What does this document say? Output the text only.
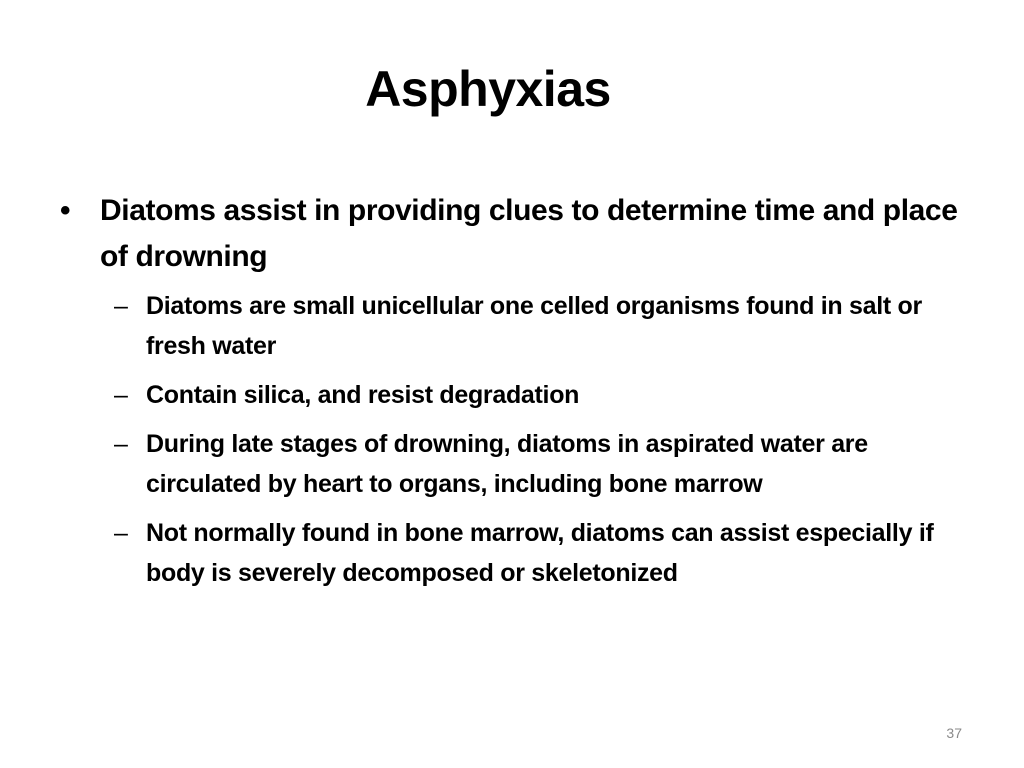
Asphyxias
• Diatoms assist in providing clues to determine time and place of drowning
– Diatoms are small unicellular one celled organisms found in salt or fresh water
– Contain silica, and resist degradation
– During late stages of drowning, diatoms in aspirated water are circulated by heart to organs, including bone marrow
– Not normally found in bone marrow, diatoms can assist especially if body is severely decomposed or skeletonized
37
